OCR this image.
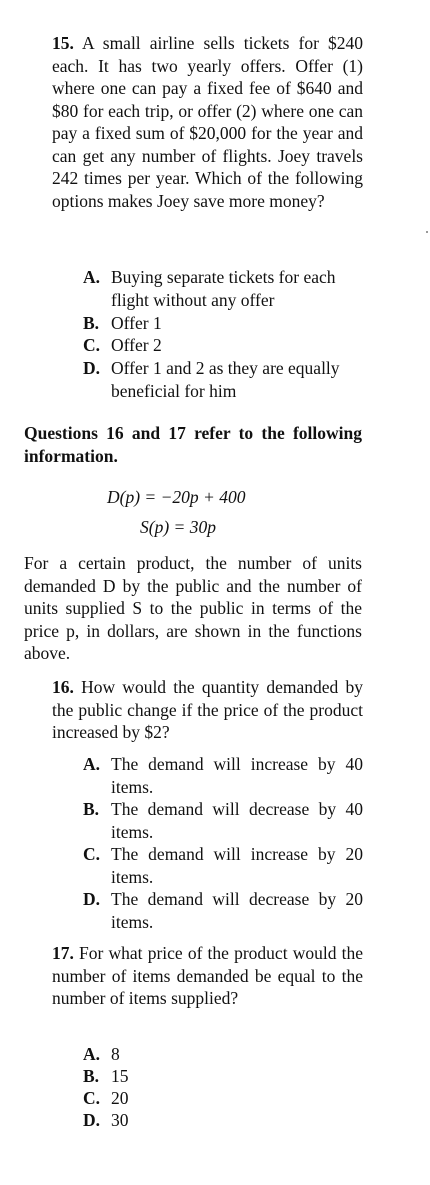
15. A small airline sells tickets for $240 each. It has two yearly offers. Offer (1) where one can pay a fixed fee of $640 and $80 for each trip, or offer (2) where one can pay a fixed sum of $20,000 for the year and can get any number of flights. Joey travels 242 times per year. Which of the following options makes Joey save more money?
A. Buying separate tickets for each flight without any offer
B. Offer 1
C. Offer 2
D. Offer 1 and 2 as they are equally beneficial for him
Questions 16 and 17 refer to the following information.
D(p) = −20p + 400
S(p) = 30p
For a certain product, the number of units demanded D by the public and the number of units supplied S to the public in terms of the price p, in dollars, are shown in the functions above.
16. How would the quantity demanded by the public change if the price of the product increased by $2?
A. The demand will increase by 40 items.
B. The demand will decrease by 40 items.
C. The demand will increase by 20 items.
D. The demand will decrease by 20 items.
17. For what price of the product would the number of items demanded be equal to the number of items supplied?
A. 8
B. 15
C. 20
D. 30
